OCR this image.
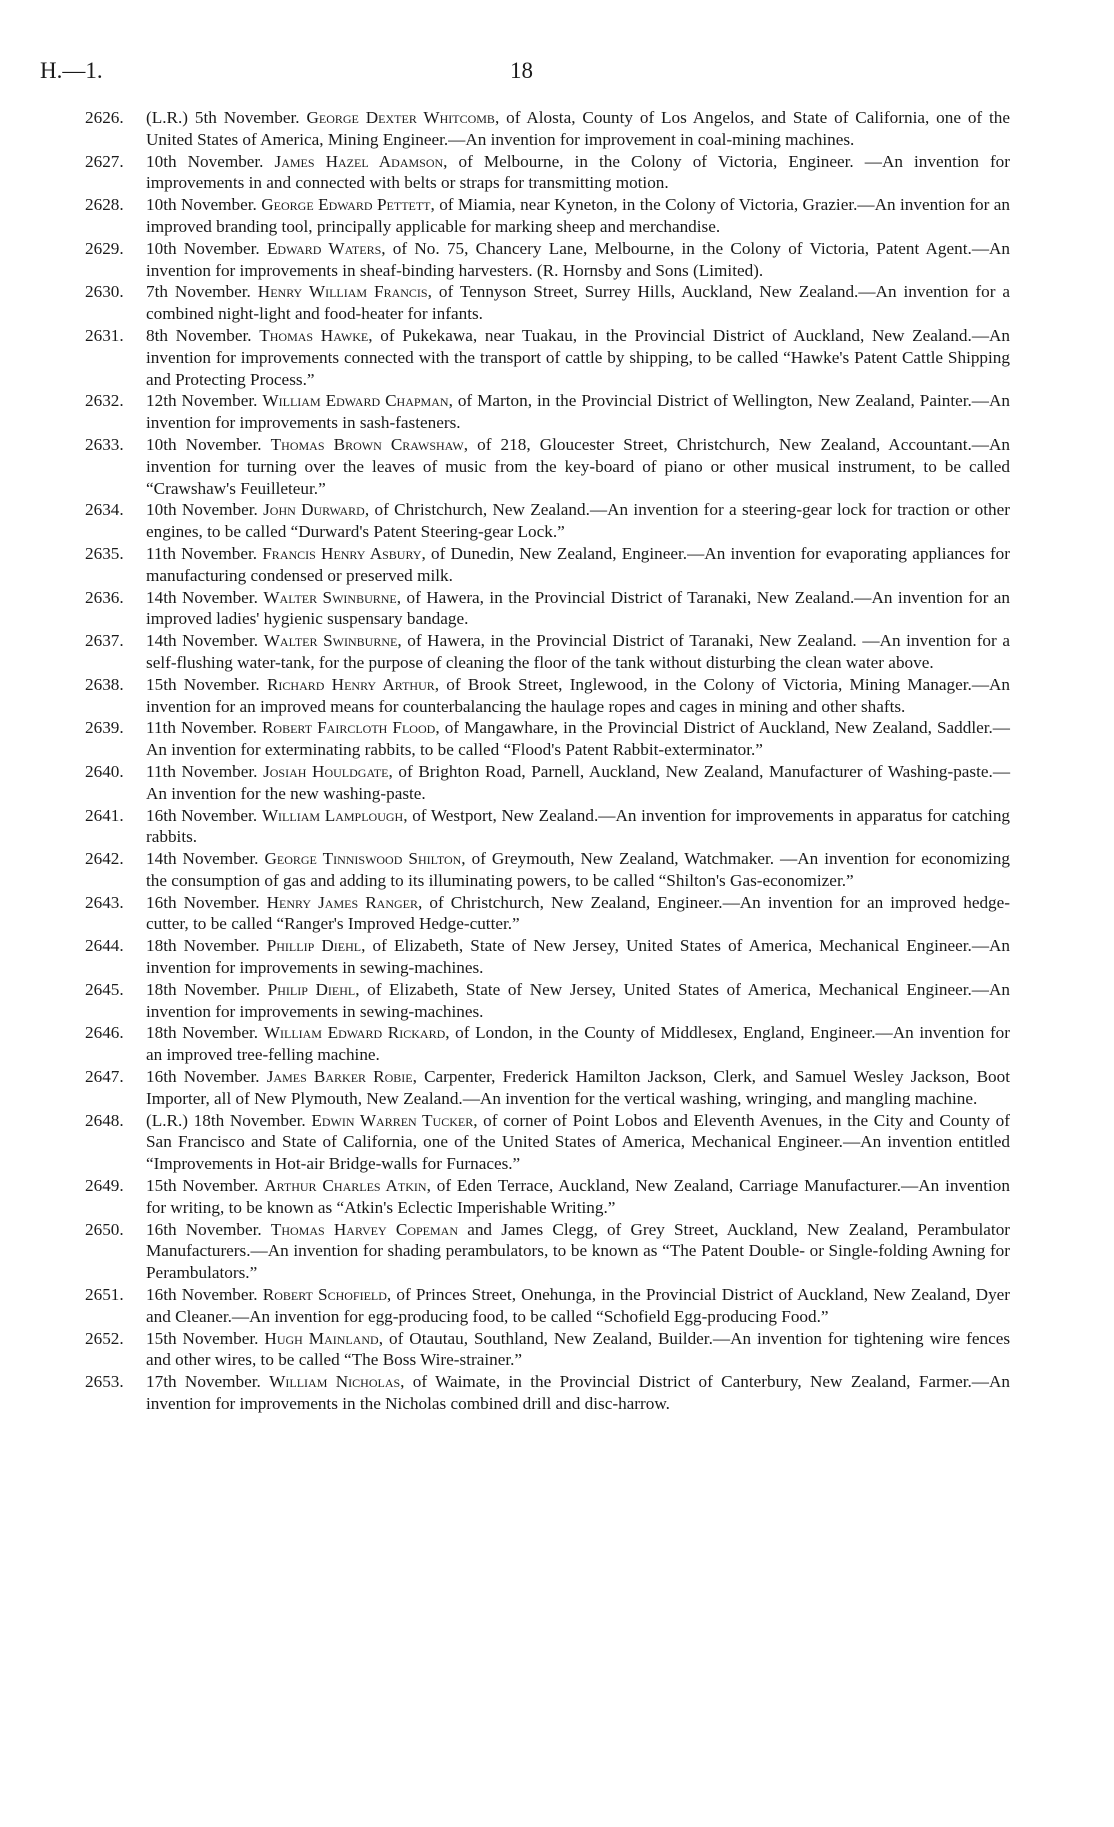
H.—1.	18

2626. (L.R.) 5th November. George Dexter Whitcomb, of Alosta, County of Los Angelos, and State of California, one of the United States of America, Mining Engineer.—An invention for improvement in coal-mining machines.

2627. 10th November. James Hazel Adamson, of Melbourne, in the Colony of Victoria, Engineer. —An invention for improvements in and connected with belts or straps for transmitting motion.

2628. 10th November. George Edward Pettett, of Miamia, near Kyneton, in the Colony of Victoria, Grazier.—An invention for an improved branding tool, principally applicable for marking sheep and merchandise.

2629. 10th November. Edward Waters, of No. 75, Chancery Lane, Melbourne, in the Colony of Victoria, Patent Agent.—An invention for improvements in sheaf-binding harvesters. (R. Hornsby and Sons (Limited).

2630. 7th November. Henry William Francis, of Tennyson Street, Surrey Hills, Auckland, New Zealand.—An invention for a combined night-light and food-heater for infants.

2631. 8th November. Thomas Hawke, of Pukekawa, near Tuakau, in the Provincial District of Auckland, New Zealand.—An invention for improvements connected with the transport of cattle by shipping, to be called “Hawke's Patent Cattle Shipping and Protecting Process.”

2632. 12th November. William Edward Chapman, of Marton, in the Provincial District of Wellington, New Zealand, Painter.—An invention for improvements in sash-fasteners.

2633. 10th November. Thomas Brown Crawshaw, of 218, Gloucester Street, Christchurch, New Zealand, Accountant.—An invention for turning over the leaves of music from the key-board of piano or other musical instrument, to be called “Crawshaw's Feuilleteur.”

2634. 10th November. John Durward, of Christchurch, New Zealand.—An invention for a steering-gear lock for traction or other engines, to be called “Durward's Patent Steering-gear Lock.”

2635. 11th November. Francis Henry Asbury, of Dunedin, New Zealand, Engineer.—An invention for evaporating appliances for manufacturing condensed or preserved milk.

2636. 14th November. Walter Swinburne, of Hawera, in the Provincial District of Taranaki, New Zealand.—An invention for an improved ladies' hygienic suspensary bandage.

2637. 14th November. Walter Swinburne, of Hawera, in the Provincial District of Taranaki, New Zealand. —An invention for a self-flushing water-tank, for the purpose of cleaning the floor of the tank without disturbing the clean water above.

2638. 15th November. Richard Henry Arthur, of Brook Street, Inglewood, in the Colony of Victoria, Mining Manager.—An invention for an improved means for counterbalancing the haulage ropes and cages in mining and other shafts.

2639. 11th November. Robert Faircloth Flood, of Mangawhare, in the Provincial District of Auckland, New Zealand, Saddler.—An invention for exterminating rabbits, to be called “Flood's Patent Rabbit-exterminator.”

2640. 11th November. Josiah Houldgate, of Brighton Road, Parnell, Auckland, New Zealand, Manufacturer of Washing-paste.—An invention for the new washing-paste.

2641. 16th November. William Lamplough, of Westport, New Zealand.—An invention for improvements in apparatus for catching rabbits.

2642. 14th November. George Tinniswood Shilton, of Greymouth, New Zealand, Watchmaker. —An invention for economizing the consumption of gas and adding to its illuminating powers, to be called “Shilton's Gas-economizer.”

2643. 16th November. Henry James Ranger, of Christchurch, New Zealand, Engineer.—An invention for an improved hedge-cutter, to be called “Ranger's Improved Hedge-cutter.”

2644. 18th November. Phillip Diehl, of Elizabeth, State of New Jersey, United States of America, Mechanical Engineer.—An invention for improvements in sewing-machines.

2645. 18th November. Philip Diehl, of Elizabeth, State of New Jersey, United States of America, Mechanical Engineer.—An invention for improvements in sewing-machines.

2646. 18th November. William Edward Rickard, of London, in the County of Middlesex, England, Engineer.—An invention for an improved tree-felling machine.

2647. 16th November. James Barker Robie, Carpenter, Frederick Hamilton Jackson, Clerk, and Samuel Wesley Jackson, Boot Importer, all of New Plymouth, New Zealand.—An invention for the vertical washing, wringing, and mangling machine.

2648. (L.R.) 18th November. Edwin Warren Tucker, of corner of Point Lobos and Eleventh Avenues, in the City and County of San Francisco and State of California, one of the United States of America, Mechanical Engineer.—An invention entitled “Improvements in Hot-air Bridge-walls for Furnaces.”

2649. 15th November. Arthur Charles Atkin, of Eden Terrace, Auckland, New Zealand, Carriage Manufacturer.—An invention for writing, to be known as “Atkin's Eclectic Imperishable Writing.”

2650. 16th November. Thomas Harvey Copeman and James Clegg, of Grey Street, Auckland, New Zealand, Perambulator Manufacturers.—An invention for shading perambulators, to be known as “The Patent Double- or Single-folding Awning for Perambulators.”

2651. 16th November. Robert Schofield, of Princes Street, Onehunga, in the Provincial District of Auckland, New Zealand, Dyer and Cleaner.—An invention for egg-producing food, to be called “Schofield Egg-producing Food.”

2652. 15th November. Hugh Mainland, of Otautau, Southland, New Zealand, Builder.—An invention for tightening wire fences and other wires, to be called “The Boss Wire-strainer.”

2653. 17th November. William Nicholas, of Waimate, in the Provincial District of Canterbury, New Zealand, Farmer.—An invention for improvements in the Nicholas combined drill and disc-harrow.
